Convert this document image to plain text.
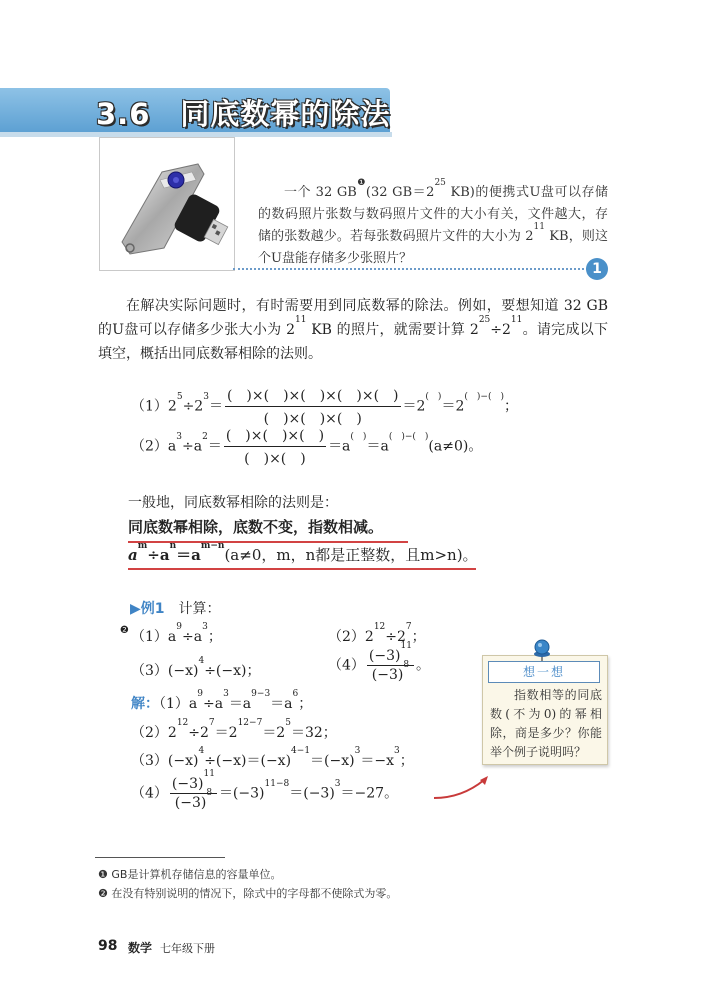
3.6　同底数幂的除法

一个 32 $GB^❶(32$ $GB=2^{25}$ KB)的便携式U盘可以存储的数码照片张数与数码照片文件的大小有关，文件越大，存储的张数越少。若每张数码照片文件的大小为 $2^{11}$ KB，则这个U盘能存储多少张照片？

1
在解决实际问题时，有时需要用到同底数幂的除法。例如，要想知道 32 GB 的U盘可以存储多少张大小为 $2^{11}$ KB 的照片，就需要计算 $2^{25}\div 2^{11}$。请完成以下填空，概括出同底数幂相除的法则。
$(1)2^5\div 2^3= \frac{( )\times( )\times( )\times( )\times( )}{( )\times( )\times( )} =2^{( )}=2^{( )-( )}$；
$(2)a^3\div a^2= \frac{( )\times( )\times( )}{( )\times( )} =a^{( )}=a^{( )-( )}(a\ne 0)$。
一般地，同底数幂相除的法则是：
同底数幂相除，底数不变，指数相减。
$a^m\div a^n=a^{m-n}(a\ne 0$，m，n都是正整数，且m>n)。
▶例1　 计算：
❷ $(1)a^9\div a^3$；	$(2)2^{12}\div 2^7$；
$(3)(-x)^4\div(-x)$；	$(4) \frac{(-3)^{11}}{(-3)^8}$ 。
解：$(1)a^9\div a^3=a^{9-3}=a^6$；
$(2)2^{12}\div 2^7=2^{12-7}=2^5=32$；
$(3)(-x)^4\div(-x)=(-x)^{4-1}=(-x)^3=-x^3$；
$(4) \frac{(-3)^{11}}{(-3)^8} =(-3)^{11-8}=(-3)^3=-27$。
想一想
指数相等的同底数(不为0)的幂相除，商是多少？你能举个例子说明吗？
❶ GB是计算机存储信息的容量单位。
❷ 在没有特别说明的情况下，除式中的字母都不使除式为零。
98 数学 七年级下册
